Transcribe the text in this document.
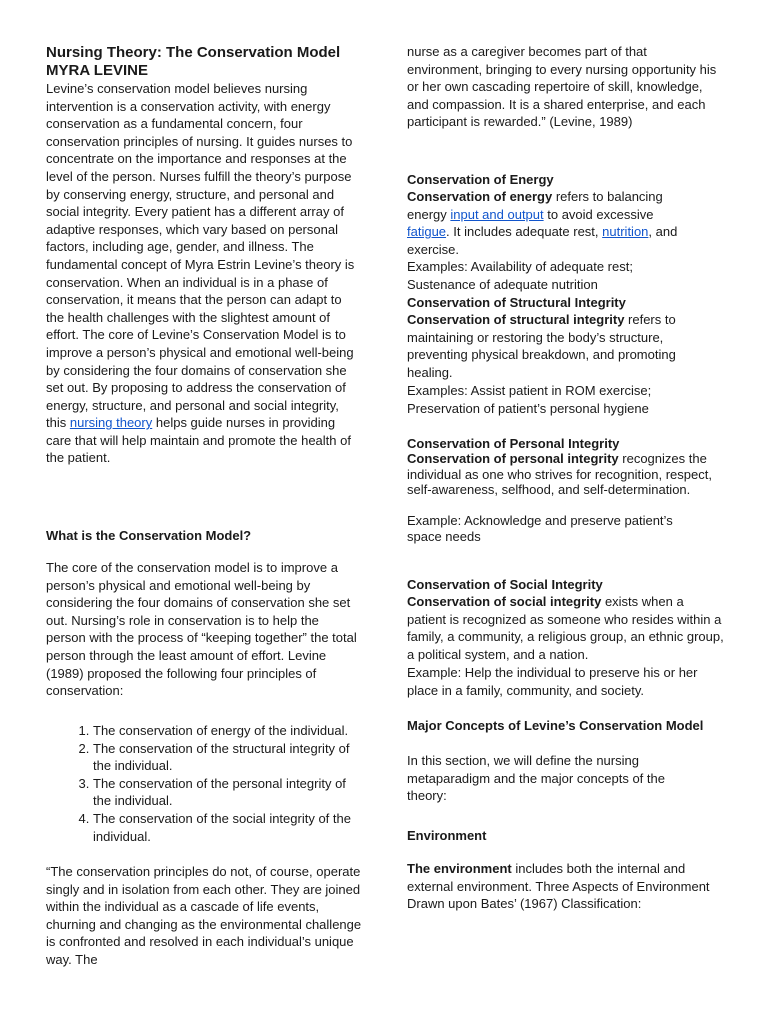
Nursing Theory: The Conservation Model
MYRA LEVINE

Levine’s conservation model believes nursing intervention is a conservation activity, with energy conservation as a fundamental concern, four conservation principles of nursing. It guides nurses to concentrate on the importance and responses at the level of the person. Nurses fulfill the theory’s purpose by conserving energy, structure, and personal and social integrity. Every patient has a different array of adaptive responses, which vary based on personal factors, including age, gender, and illness. The fundamental concept of Myra Estrin Levine’s theory is conservation. When an individual is in a phase of conservation, it means that the person can adapt to the health challenges with the slightest amount of effort. The core of Levine’s Conservation Model is to improve a person’s physical and emotional well-being by considering the four domains of conservation she set out. By proposing to address the conservation of energy, structure, and personal and social integrity, this nursing theory helps guide nurses in providing care that will help maintain and promote the health of the patient.

What is the Conservation Model?

The core of the conservation model is to improve a person’s physical and emotional well-being by considering the four domains of conservation she set out. Nursing’s role in conservation is to help the person with the process of “keeping together” the total person through the least amount of effort. Levine (1989) proposed the following four principles of conservation:

1. The conservation of energy of the individual.
2. The conservation of the structural integrity of the individual.
3. The conservation of the personal integrity of the individual.
4. The conservation of the social integrity of the individual.

“The conservation principles do not, of course, operate singly and in isolation from each other. They are joined within the individual as a cascade of life events, churning and changing as the environmental challenge is confronted and resolved in each individual’s unique way. The

nurse as a caregiver becomes part of that environment, bringing to every nursing opportunity his or her own cascading repertoire of skill, knowledge, and compassion. It is a shared enterprise, and each participant is rewarded.” (Levine, 1989)

Conservation of Energy

Conservation of energy refers to balancing energy input and output to avoid excessive fatigue. It includes adequate rest, nutrition, and exercise.

Examples: Availability of adequate rest; Sustenance of adequate nutrition

Conservation of Structural Integrity

Conservation of structural integrity refers to maintaining or restoring the body’s structure, preventing physical breakdown, and promoting healing.

Examples: Assist patient in ROM exercise; Preservation of patient’s personal hygiene

Conservation of Personal Integrity

Conservation of personal integrity recognizes the individual as one who strives for recognition, respect, self-awareness, selfhood, and self-determination.

Example: Acknowledge and preserve patient’s space needs

Conservation of Social Integrity

Conservation of social integrity exists when a patient is recognized as someone who resides within a family, a community, a religious group, an ethnic group, a political system, and a nation.

Example: Help the individual to preserve his or her place in a family, community, and society.

Major Concepts of Levine’s Conservation Model

In this section, we will define the nursing metaparadigm and the major concepts of the theory:

Environment

The environment includes both the internal and external environment. Three Aspects of Environment Drawn upon Bates’ (1967) Classification:
